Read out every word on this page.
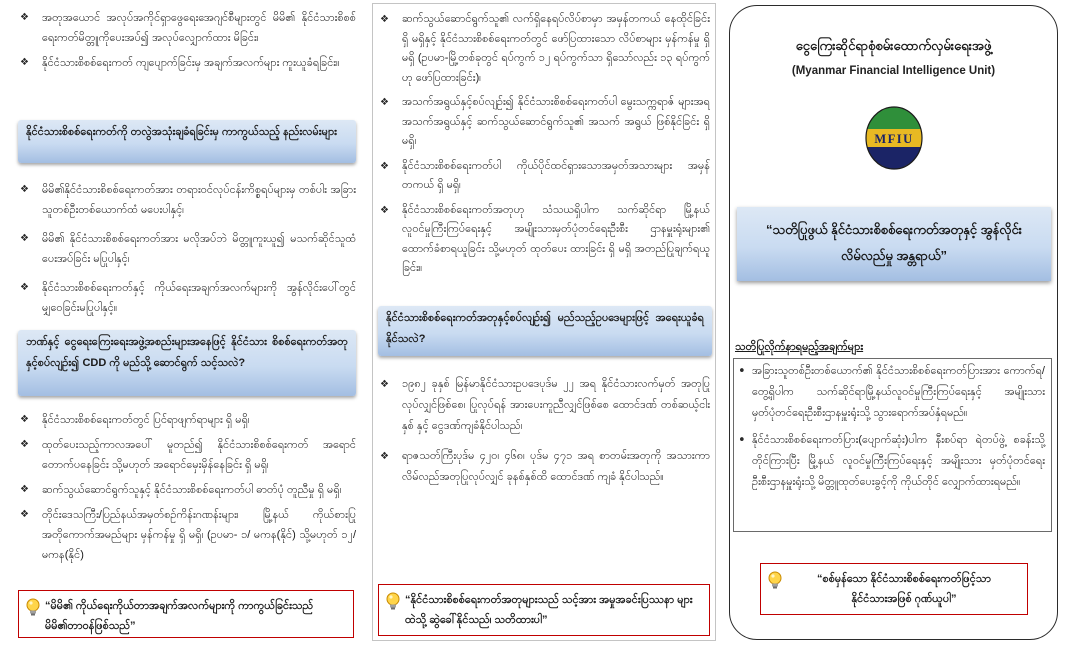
❖
အတုအယောင် အလုပ်အကိုင်ရှာဖွေရေးအေဂျင်စီများတွင် မိမိ၏ နိုင်ငံသားစိစစ်ရေးကတ်မိတ္တူကိုပေးအပ်၍ အလုပ်လျှောက်ထား မိခြင်း၊
❖
နိုင်ငံသားစိစစ်ရေးကတ် ကျပျောက်ခြင်းမှ အချက်အလက်များ ကူးယူခံရခြင်း။
နိုင်ငံသားစိစစ်ရေးကတ်ကို တလွဲအသုံးချခံရခြင်းမှ ကာကွယ်သည့် နည်းလမ်းများ
❖
မိမိ၏နိုင်ငံသားစိစစ်ရေးကတ်အား တရားဝင်လုပ်ငန်းကိစ္စရပ်များမှ တစ်ပါး အခြားသူတစ်ဦးတစ်ယောက်ထံ မပေးပါနှင့်၊
❖
မိမိ၏ နိုင်ငံသားစိစစ်ရေးကတ်အား မလိုအပ်ဘဲ မိတ္တူကူးယူ၍ မသက်ဆိုင်သူထံ ပေးအပ်ခြင်း မပြုပါနှင့်၊
❖
နိုင်ငံသားစိစစ်ရေးကတ်နှင့် ကိုယ်ရေးအချက်အလက်များကို အွန်လိုင်းပေါ်တွင် မျှဝေခြင်းမပြုပါနှင့်။
ဘဏ်နှင့် ငွေရေးကြေးရေးအဖွဲ့အစည်းများအနေဖြင့် နိုင်ငံသား စိစစ်ရေးကတ်အတုနှင့်စပ်လျဉ်း၍ CDD ကို မည်သို့ ဆောင်ရွက် သင့်သလဲ?
❖
နိုင်ငံသားစိစစ်ရေးကတ်တွင် ပြင်ရာဖျက်ရာများ ရှိ မရှိ၊
❖
ထုတ်ပေးသည့်ကာလအပေါ် မူတည်၍ နိုင်ငံသားစိစစ်ရေးကတ် အရောင် တောက်ပနေခြင်း သို့မဟုတ် အရောင်မှေးမှိန်နေခြင်း ရှိ မရှိ၊
❖
ဆက်သွယ်ဆောင်ရွက်သူနှင့် နိုင်ငံသားစိစစ်ရေးကတ်ပါ ဓာတ်ပုံ တူညီမှု ရှိ မရှိ၊
❖
တိုင်းဒေသကြီး/ပြည်နယ်အမှတ်စဉ်ကိန်းဂဏန်းများ၊ မြို့နယ် ကိုယ်စားပြု အတိုကောက်အမည်များ မှန်ကန်မှု ရှိ မရှိ၊ (ဥပမာ- ၁/ မကန(နိုင်) သို့မဟုတ် ၁၂/ မကန(နိုင်)
“မိမိ၏ ကိုယ်ရေးကိုယ်တာအချက်အလက်များကို ကာကွယ်ခြင်းသည် မိမိ၏တာဝန်ဖြစ်သည်”
❖
ဆက်သွယ်ဆောင်ရွက်သူ၏ လက်ရှိနေရပ်လိပ်စာမှာ အမှန်တကယ် နေထိုင်ခြင်း ရှိ မရှိနှင့် နိုင်ငံသားစိစစ်ရေးကတ်တွင် ဖော်ပြထားသော လိပ်စာများ မှန်ကန်မှု ရှိ မရှိ (ဥပမာ-မြို့တစ်ခုတွင် ရပ်ကွက် ၁၂ ရပ်ကွက်သာ ရှိသော်လည်း ၁၃ ရပ်ကွက်ဟု ဖော်ပြထားခြင်း)၊
❖
အသက်အရွယ်နှင့်စပ်လျဉ်း၍ နိုင်ငံသားစိစစ်ရေးကတ်ပါ မွေးသက္ကရာဇ် များအရ အသက်အရွယ်နှင့် ဆက်သွယ်ဆောင်ရွက်သူ၏ အသက် အရွယ် ဖြစ်နိုင်ခြင်း ရှိ မရှိ၊
❖
နိုင်ငံသားစိစစ်ရေးကတ်ပါ ကိုယ်ပိုင်ထင်ရှားသောအမှတ်အသားများ အမှန်တကယ် ရှိ မရှိ၊
❖
နိုင်ငံသားစိစစ်ရေးကတ်အတုဟု သံသယရှိပါက သက်ဆိုင်ရာ မြို့နယ် လူဝင်မှုကြီးကြပ်ရေးနှင့် အမျိုးသားမှတ်ပုံတင်ရေးဦးစီး ဌာနမှူးရုံးများ၏ ထောက်ခံစာရယူခြင်း သို့မဟုတ် ထုတ်ပေး ထားခြင်း ရှိ မရှိ အတည်ပြုချက်ရယူခြင်း။
နိုင်ငံသားစိစစ်ရေးကတ်အတုနှင့်စပ်လျဉ်း၍ မည်သည့်ဥပဒေများဖြင့် အရေးယူခံရနိုင်သလဲ?
❖
၁၉၈၂ ခုနှစ် မြန်မာနိုင်ငံသားဥပဒေပုဒ်မ ၂၂ အရ နိုင်ငံသားလက်မှတ် အတုပြုလုပ်လျှင်ဖြစ်စေ၊ ပြုလုပ်ရန် အားပေးကူညီလျှင်ဖြစ်စေ ထောင်ဒဏ် တစ်ဆယ့်ငါးနှစ် နှင့် ငွေဒဏ်ကျခံနိုင်ပါသည်၊
❖
ရာဇသတ်ကြီးပုဒ်မ ၄၂၀၊ ၄၆၈၊ ပုဒ်မ ၄၇၁ အရ စာတမ်းအတုကို အသားကာ လိမ်လည်အတုပြုလုပ်လျှင် ခုနစ်နှစ်ထိ ထောင်ဒဏ် ကျခံ နိုင်ပါသည်။
“နိုင်ငံသားစိစစ်ရေးကတ်အတုများသည် သင့်အား အမှုအခင်းပြဿနာ များထဲသို့ ဆွဲခေါ်နိုင်သည်၊ သတိထားပါ”
ငွေကြေးဆိုင်ရာစုံစမ်းထောက်လှမ်းရေးအဖွဲ့
(Myanmar Financial Intelligence Unit)
MFIU
“သတိပြုဖွယ် နိုင်ငံသားစိစစ်ရေးကတ်အတုနှင့် အွန်လိုင်းလိမ်လည်မှု အန္တရာယ်”
သတိပြုလိုက်နာရမည့်အချက်များ
•
အခြားသူတစ်ဦးတစ်ယောက်၏ နိုင်ငံသားစိစစ်ရေးကတ်ပြားအား ကောက်ရ/တွေ့ရှိပါက သက်ဆိုင်ရာမြို့နယ်လူဝင်မှုကြီးကြပ်ရေးနှင့် အမျိုးသားမှတ်ပုံတင်ရေးဦးစီးဌာနမှူးရုံးသို့ သွားရောက်အပ်နှံရမည်။
•
နိုင်ငံသားစိစစ်ရေးကတ်ပြား(ပျောက်ဆုံး)ပါက နီးစပ်ရာ ရဲတပ်ဖွဲ့ စခန်းသို့ တိုင်ကြားပြီး မြို့နယ် လူဝင်မှုကြီးကြပ်ရေးနှင့် အမျိုးသား မှတ်ပုံတင်ရေးဦးစီးဌာနမှူးရုံးသို့ မိတ္တူထုတ်ပေးခွင့်ကို ကိုယ်တိုင် လျှောက်ထားရမည်။
“စစ်မှန်သော နိုင်ငံသားစိစစ်ရေးကတ်ဖြင့်သာ နိုင်ငံသားအဖြစ် ဂုဏ်ယူပါ”
